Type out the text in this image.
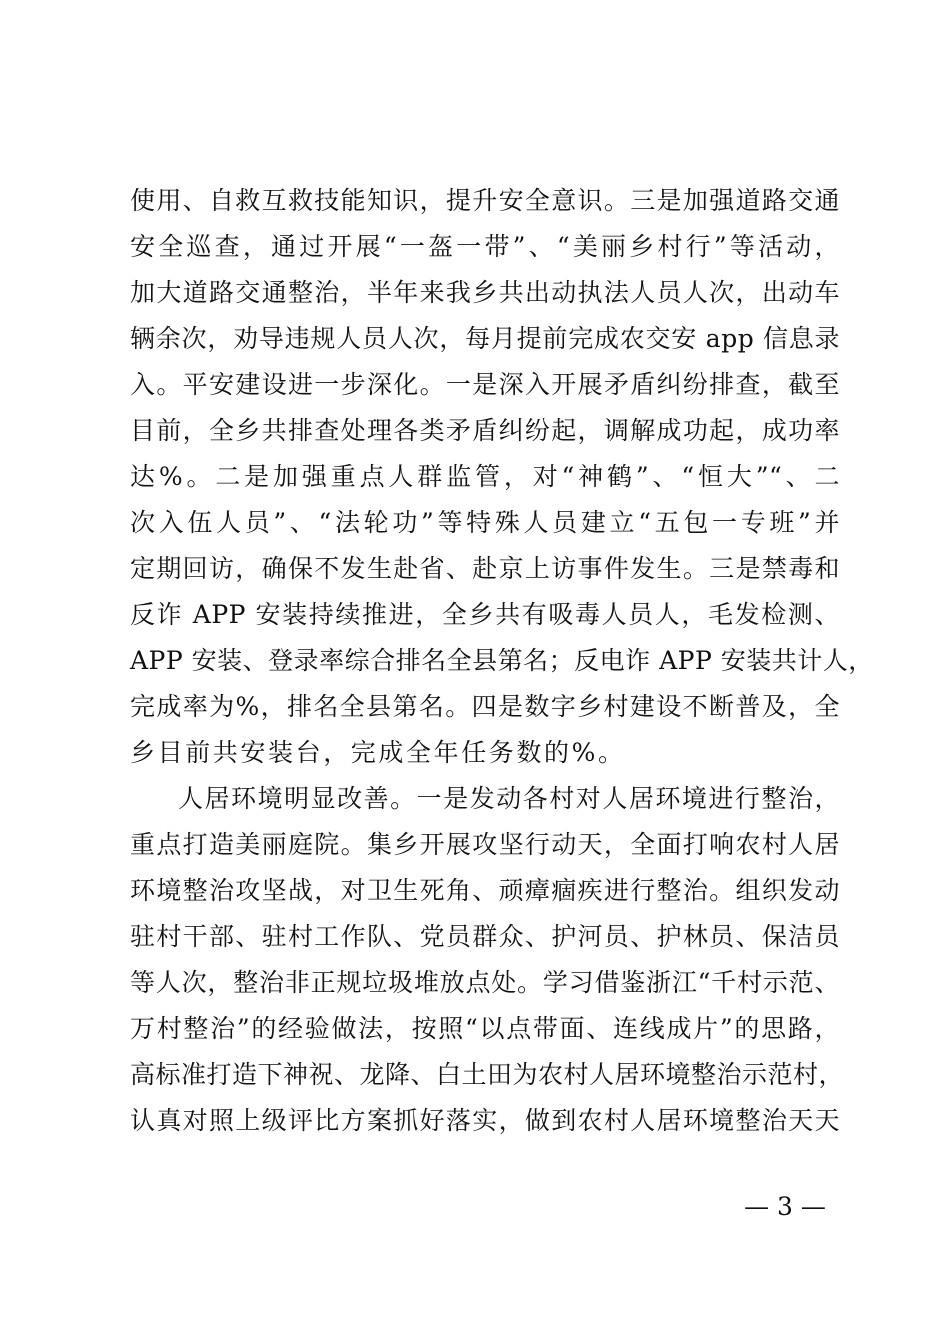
使用、自救互救技能知识，提升安全意识。三是加强道路交通
安全巡查，通过开展“一盔一带”、“美丽乡村行”等活动，
加大道路交通整治，半年来我乡共出动执法人员人次，出动车
辆余次，劝导违规人员人次，每月提前完成农交安 app 信息录
入。平安建设进一步深化。一是深入开展矛盾纠纷排查，截至
目前，全乡共排查处理各类矛盾纠纷起，调解成功起，成功率
达%。二是加强重点人群监管，对“神鹤”、“恒大”“、二
次入伍人员”、“法轮功”等特殊人员建立“五包一专班”并
定期回访，确保不发生赴省、赴京上访事件发生。三是禁毒和
反诈 APP 安装持续推进，全乡共有吸毒人员人，毛发检测、
APP 安装、登录率综合排名全县第名；反电诈 APP 安装共计人，
完成率为%，排名全县第名。四是数字乡村建设不断普及，全
乡目前共安装台，完成全年任务数的%。
人居环境明显改善。一是发动各村对人居环境进行整治，
重点打造美丽庭院。集乡开展攻坚行动天，全面打响农村人居
环境整治攻坚战，对卫生死角、顽瘴痼疾进行整治。组织发动
驻村干部、驻村工作队、党员群众、护河员、护林员、保洁员
等人次，整治非正规垃圾堆放点处。学习借鉴浙江“千村示范、
万村整治”的经验做法，按照“以点带面、连线成片”的思路，
高标准打造下神祝、龙降、白土田为农村人居环境整治示范村，
认真对照上级评比方案抓好落实，做到农村人居环境整治天天
— 3 —
